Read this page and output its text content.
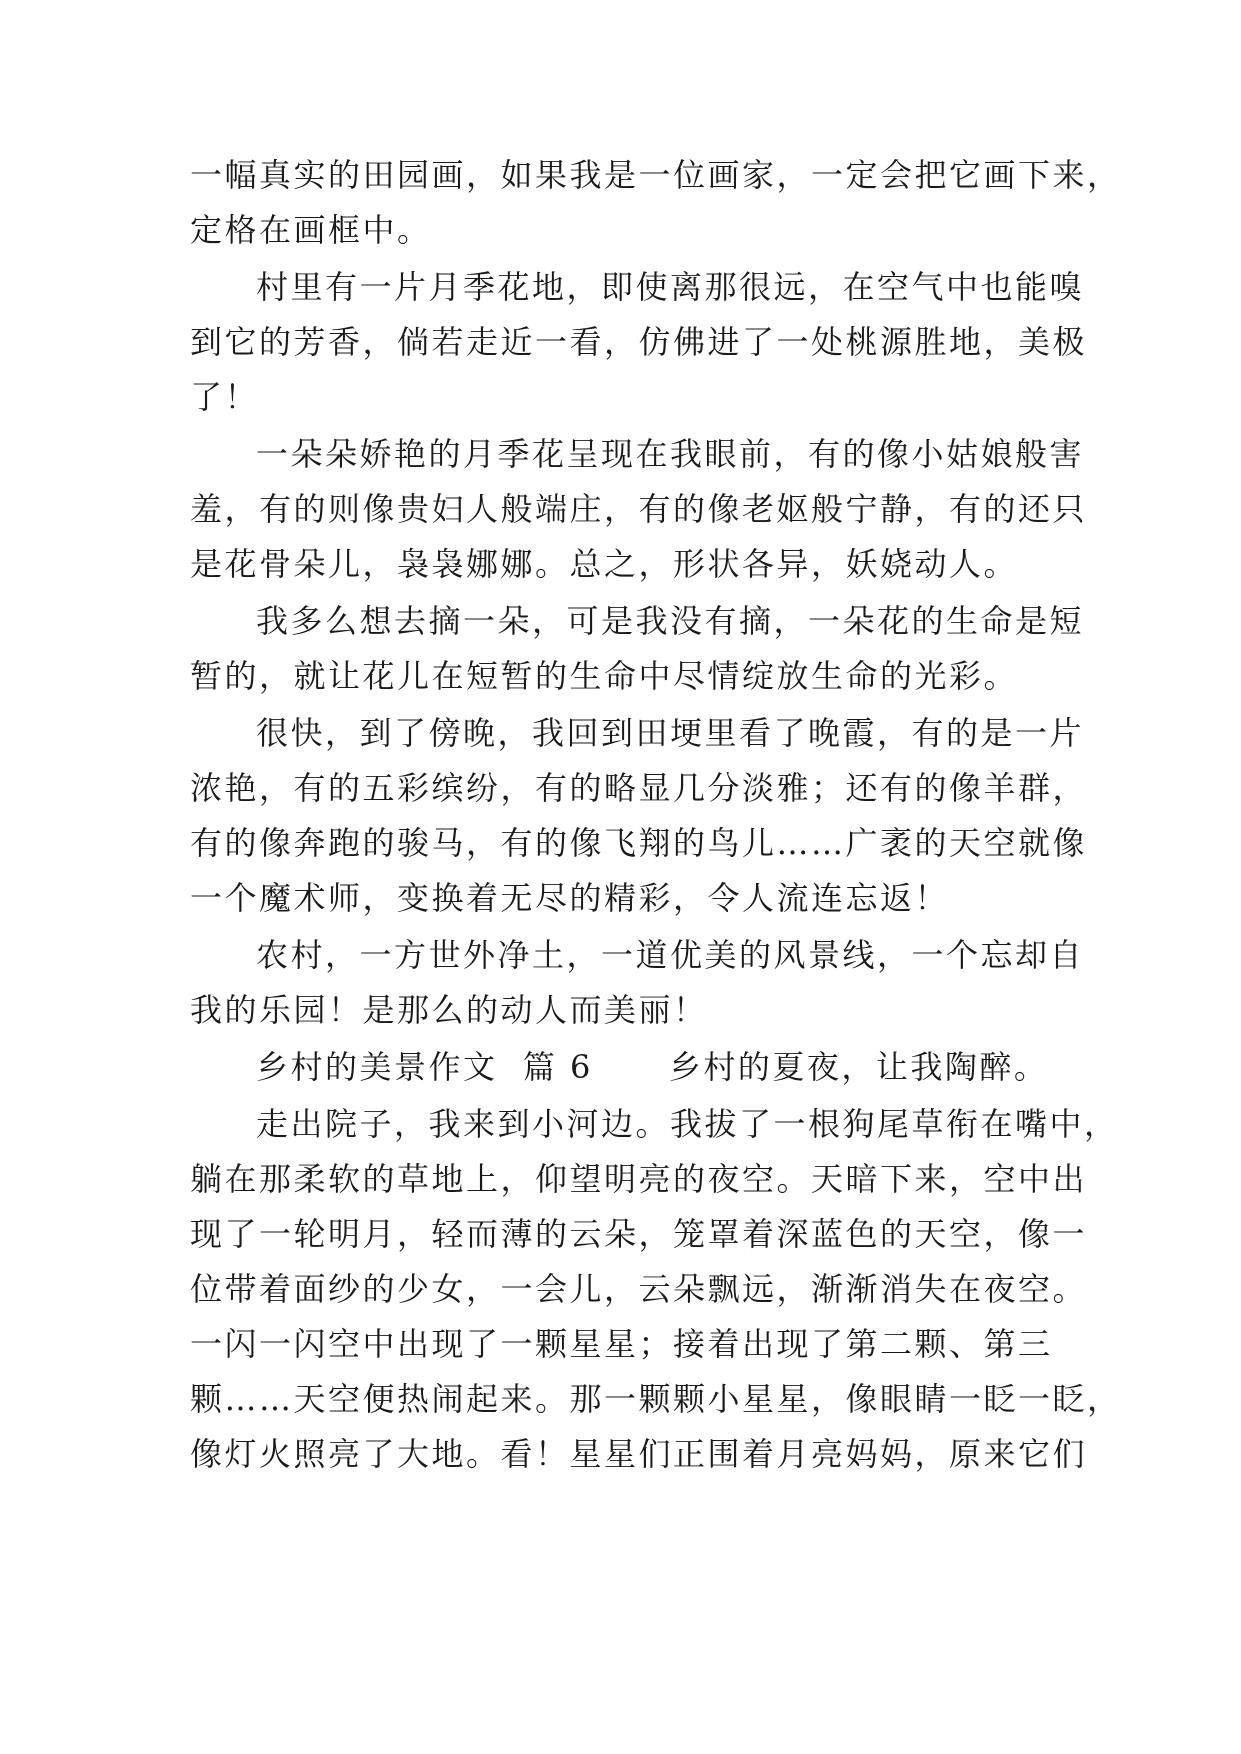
一幅真实的田园画，如果我是一位画家，一定会把它画下来，
定格在画框中。
村里有一片月季花地，即使离那很远，在空气中也能嗅
到它的芳香，倘若走近一看，仿佛进了一处桃源胜地，美极
了！
一朵朵娇艳的月季花呈现在我眼前，有的像小姑娘般害
羞，有的则像贵妇人般端庄，有的像老妪般宁静，有的还只
是花骨朵儿，袅袅娜娜。总之，形状各异，妖娆动人。
我多么想去摘一朵，可是我没有摘，一朵花的生命是短
暂的，就让花儿在短暂的生命中尽情绽放生命的光彩。
很快，到了傍晚，我回到田埂里看了晚霞，有的是一片
浓艳，有的五彩缤纷，有的略显几分淡雅；还有的像羊群，
有的像奔跑的骏马，有的像飞翔的鸟儿……广袤的天空就像
一个魔术师，变换着无尽的精彩，令人流连忘返！
农村，一方世外净土，一道优美的风景线，一个忘却自
我的乐园！是那么的动人而美丽！
乡村的美景作文  篇 6      乡村的夏夜，让我陶醉。
走出院子，我来到小河边。我拔了一根狗尾草衔在嘴中，
躺在那柔软的草地上，仰望明亮的夜空。天暗下来，空中出
现了一轮明月，轻而薄的云朵，笼罩着深蓝色的天空，像一
位带着面纱的少女，一会儿，云朵飘远，渐渐消失在夜空。
一闪一闪空中出现了一颗星星；接着出现了第二颗、第三
颗……天空便热闹起来。那一颗颗小星星，像眼睛一眨一眨，
像灯火照亮了大地。看！星星们正围着月亮妈妈，原来它们
